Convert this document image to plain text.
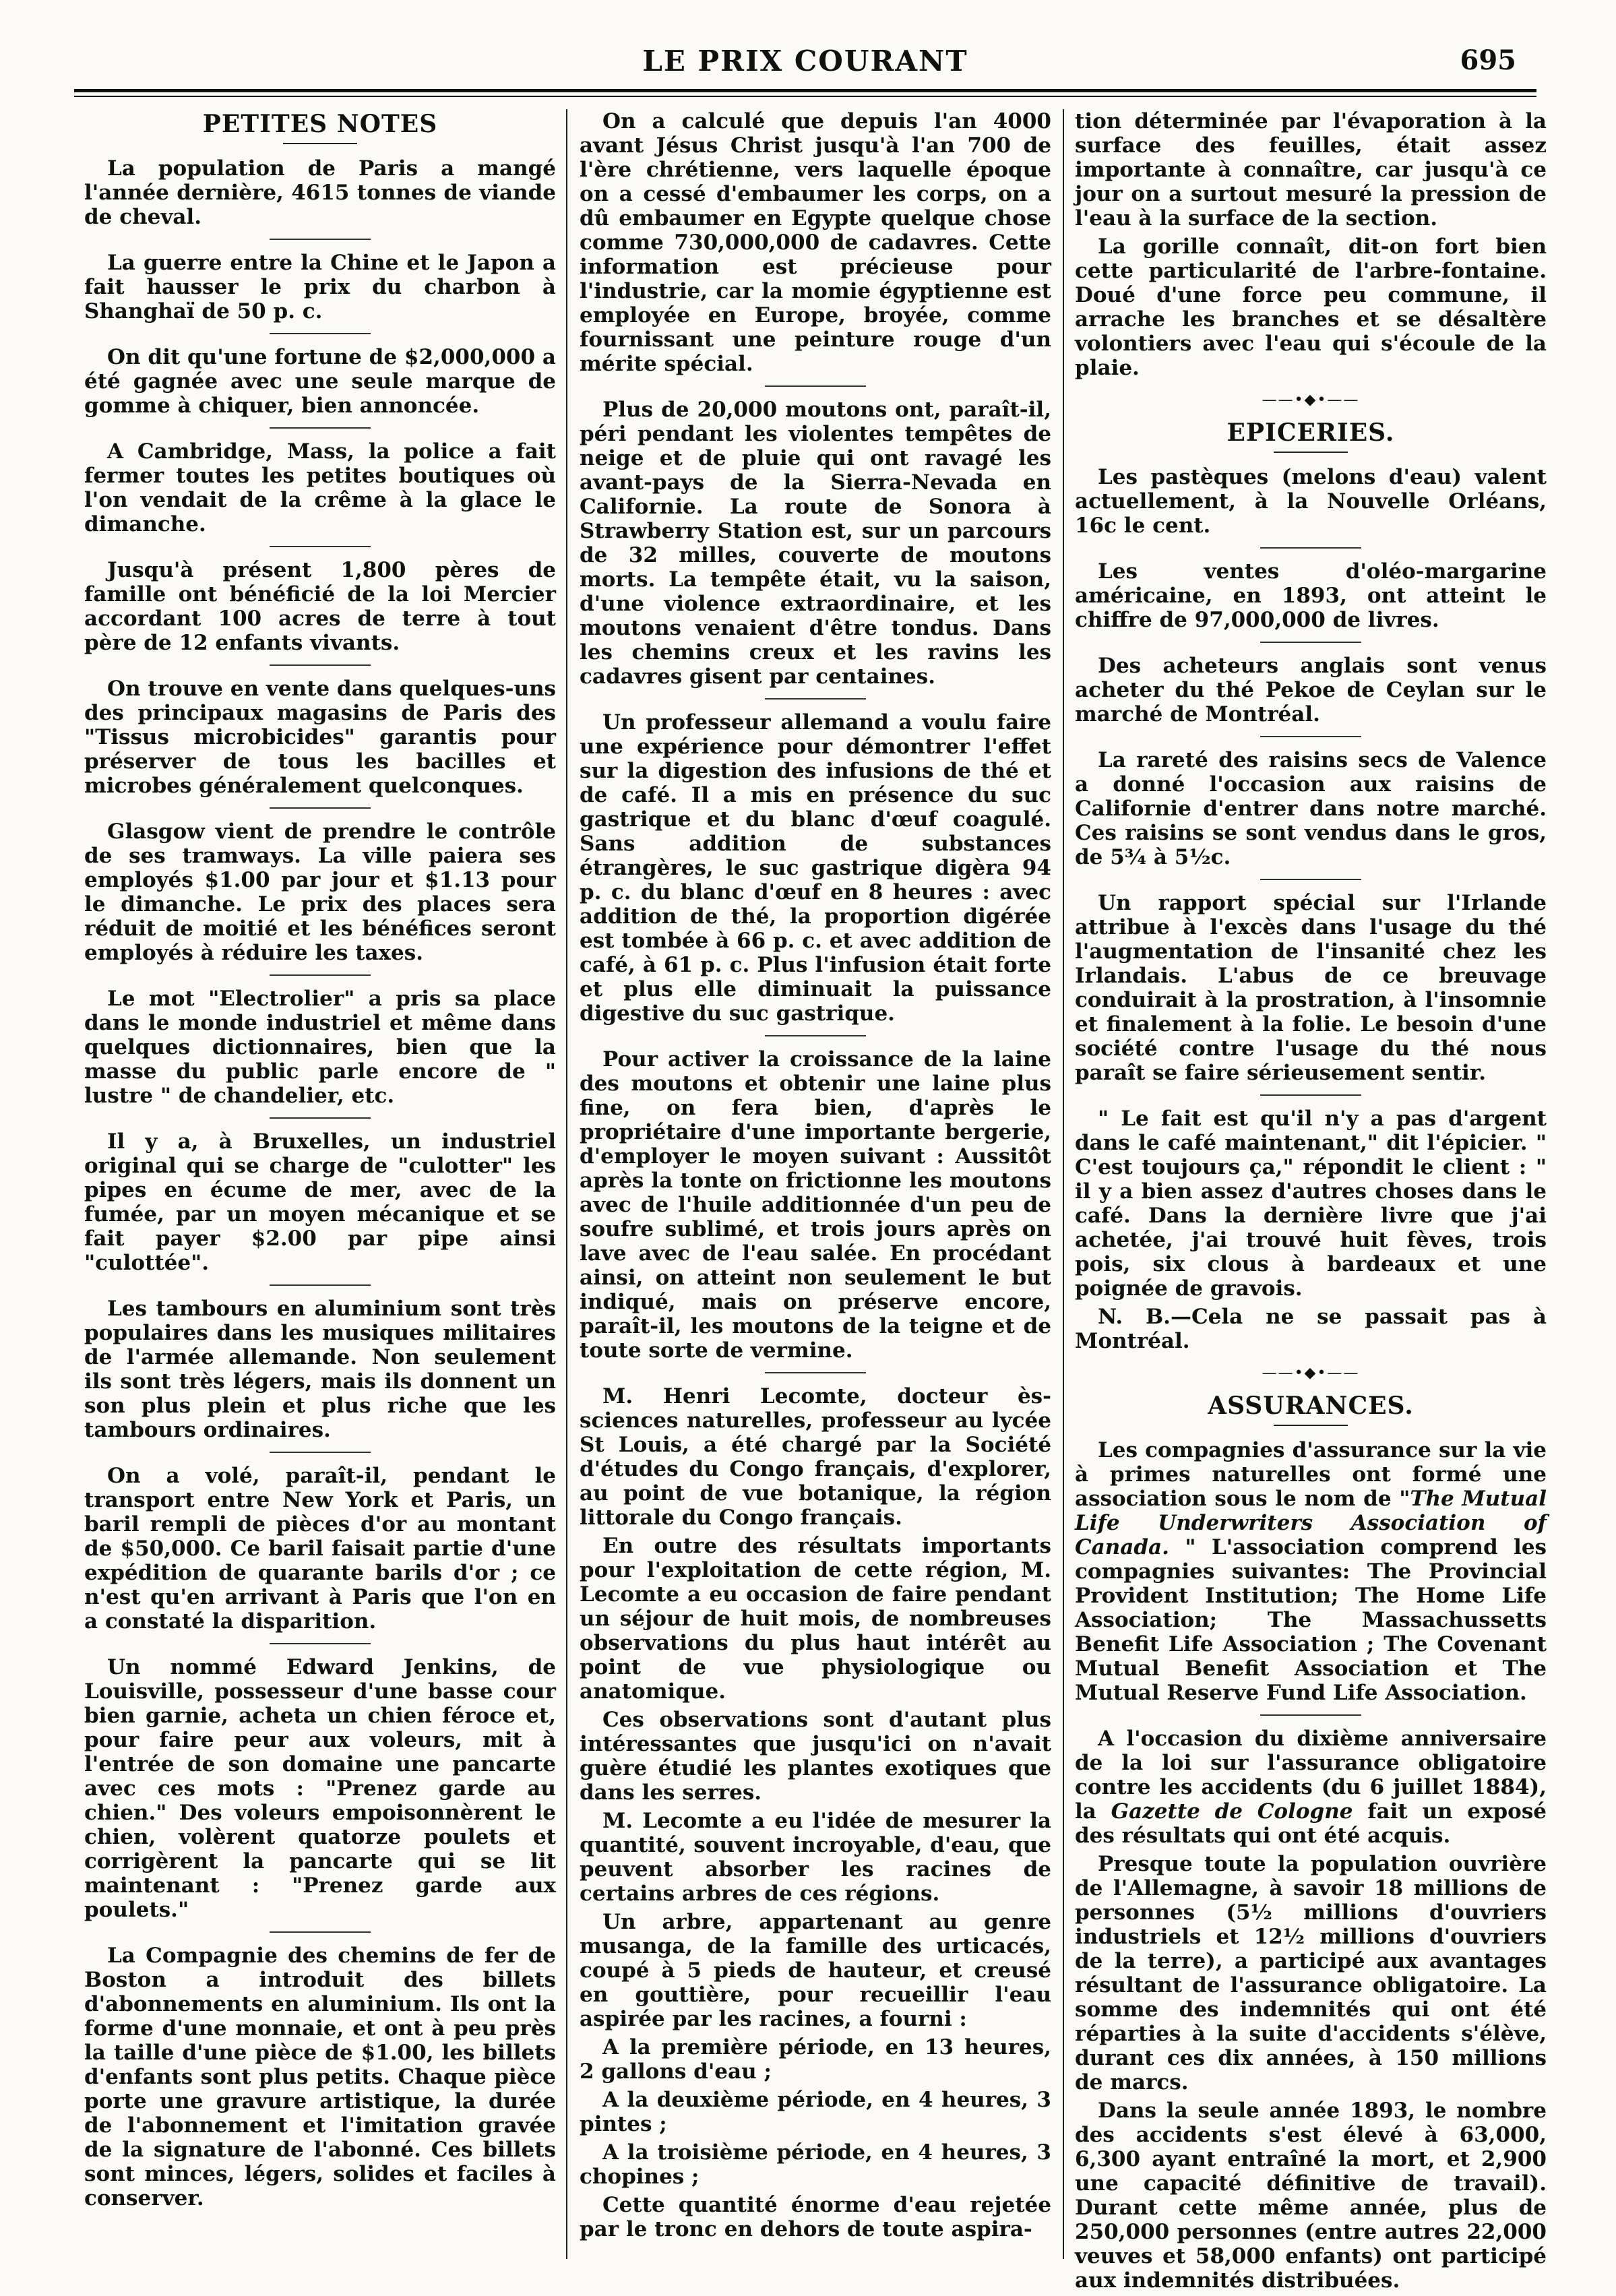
LE PRIX COURANT	695
PETITES NOTES

La population de Paris a mangé l'année dernière, 4615 tonnes de viande de cheval.

La guerre entre la Chine et le Japon a fait hausser le prix du charbon à Shanghaï de 50 p. c.

On dit qu'une fortune de $2,000,000 a été gagnée avec une seule marque de gomme à chiquer, bien annoncée.

A Cambridge, Mass, la police a fait fermer toutes les petites boutiques où l'on vendait de la crême à la glace le dimanche.

Jusqu'à présent 1,800 pères de famille ont bénéficié de la loi Mercier accordant 100 acres de terre à tout père de 12 enfants vivants.

On trouve en vente dans quelques-uns des principaux magasins de Paris des "Tissus microbicides" garantis pour préserver de tous les bacilles et microbes généralement quelconques.

Glasgow vient de prendre le contrôle de ses tramways. La ville paiera ses employés $1.00 par jour et $1.13 pour le dimanche. Le prix des places sera réduit de moitié et les bénéfices seront employés à réduire les taxes.

Le mot "Electrolier" a pris sa place dans le monde industriel et même dans quelques dictionnaires, bien que la masse du public parle encore de " lustre " de chandelier, etc.

Il y a, à Bruxelles, un industriel original qui se charge de "culotter" les pipes en écume de mer, avec de la fumée, par un moyen mécanique et se fait payer $2.00 par pipe ainsi "culottée".

Les tambours en aluminium sont très populaires dans les musiques militaires de l'armée allemande. Non seulement ils sont très légers, mais ils donnent un son plus plein et plus riche que les tambours ordinaires.

On a volé, paraît-il, pendant le transport entre New York et Paris, un baril rempli de pièces d'or au montant de $50,000. Ce baril faisait partie d'une expédition de quarante barils d'or ; ce n'est qu'en arrivant à Paris que l'on en a constaté la disparition.

Un nommé Edward Jenkins, de Louisville, possesseur d'une basse cour bien garnie, acheta un chien féroce et, pour faire peur aux voleurs, mit à l'entrée de son domaine une pancarte avec ces mots : "Prenez garde au chien." Des voleurs empoisonnèrent le chien, volèrent quatorze poulets et corrigèrent la pancarte qui se lit maintenant : "Prenez garde aux poulets."

La Compagnie des chemins de fer de Boston a introduit des billets d'abonnements en aluminium. Ils ont la forme d'une monnaie, et ont à peu près la taille d'une pièce de $1.00, les billets d'enfants sont plus petits. Chaque pièce porte une gravure artistique, la durée de l'abonnement et l'imitation gravée de la signature de l'abonné. Ces billets sont minces, légers, solides et faciles à conserver.

On a calculé que depuis l'an 4000 avant Jésus Christ jusqu'à l'an 700 de l'ère chrétienne, vers laquelle époque on a cessé d'embaumer les corps, on a dû embaumer en Egypte quelque chose comme 730,000,000 de cadavres. Cette information est précieuse pour l'industrie, car la momie égyptienne est employée en Europe, broyée, comme fournissant une peinture rouge d'un mérite spécial.

Plus de 20,000 moutons ont, paraît-il, péri pendant les violentes tempêtes de neige et de pluie qui ont ravagé les avant-pays de la Sierra-Nevada en Californie. La route de Sonora à Strawberry Station est, sur un parcours de 32 milles, couverte de moutons morts. La tempête était, vu la saison, d'une violence extraordinaire, et les moutons venaient d'être tondus. Dans les chemins creux et les ravins les cadavres gisent par centaines.

Un professeur allemand a voulu faire une expérience pour démontrer l'effet sur la digestion des infusions de thé et de café. Il a mis en présence du suc gastrique et du blanc d'œuf coagulé. Sans addition de substances étrangères, le suc gastrique digèra 94 p. c. du blanc d'œuf en 8 heures : avec addition de thé, la proportion digérée est tombée à 66 p. c. et avec addition de café, à 61 p. c. Plus l'infusion était forte et plus elle diminuait la puissance digestive du suc gastrique.

Pour activer la croissance de la laine des moutons et obtenir une laine plus fine, on fera bien, d'après le propriétaire d'une importante bergerie, d'employer le moyen suivant : Aussitôt après la tonte on frictionne les moutons avec de l'huile additionnée d'un peu de soufre sublimé, et trois jours après on lave avec de l'eau salée. En procédant ainsi, on atteint non seulement le but indiqué, mais on préserve encore, paraît-il, les moutons de la teigne et de toute sorte de vermine.

M. Henri Lecomte, docteur ès-sciences naturelles, professeur au lycée St Louis, a été chargé par la Société d'études du Congo français, d'explorer, au point de vue botanique, la région littorale du Congo français.

En outre des résultats importants pour l'exploitation de cette région, M. Lecomte a eu occasion de faire pendant un séjour de huit mois, de nombreuses observations du plus haut intérêt au point de vue physiologique ou anatomique.

Ces observations sont d'autant plus intéressantes que jusqu'ici on n'avait guère étudié les plantes exotiques que dans les serres.

M. Lecomte a eu l'idée de mesurer la quantité, souvent incroyable, d'eau, que peuvent absorber les racines de certains arbres de ces régions.

Un arbre, appartenant au genre musanga, de la famille des urticacés, coupé à 5 pieds de hauteur, et creusé en gouttière, pour recueillir l'eau aspirée par les racines, a fourni :

A la première période, en 13 heures, 2 gallons d'eau ;

A la deuxième période, en 4 heures, 3 pintes ;

A la troisième période, en 4 heures, 3 chopines ;

Cette quantité énorme d'eau rejetée par le tronc en dehors de toute aspira-

tion déterminée par l'évaporation à la surface des feuilles, était assez importante à connaître, car jusqu'à ce jour on a surtout mesuré la pression de l'eau à la surface de la section.

La gorille connaît, dit-on fort bien cette particularité de l'arbre-fontaine. Doué d'une force peu commune, il arrache les branches et se désaltère volontiers avec l'eau qui s'écoule de la plaie.

——•◆•——
EPICERIES.

Les pastèques (melons d'eau) valent actuellement, à la Nouvelle Orléans, 16c le cent.

Les ventes d'oléo-margarine américaine, en 1893, ont atteint le chiffre de 97,000,000 de livres.

Des acheteurs anglais sont venus acheter du thé Pekoe de Ceylan sur le marché de Montréal.

La rareté des raisins secs de Valence a donné l'occasion aux raisins de Californie d'entrer dans notre marché. Ces raisins se sont vendus dans le gros, de 5¾ à 5½c.

Un rapport spécial sur l'Irlande attribue à l'excès dans l'usage du thé l'augmentation de l'insanité chez les Irlandais. L'abus de ce breuvage conduirait à la prostration, à l'insomnie et finalement à la folie. Le besoin d'une société contre l'usage du thé nous paraît se faire sérieusement sentir.

" Le fait est qu'il n'y a pas d'argent dans le café maintenant," dit l'épicier. " C'est toujours ça," répondit le client : " il y a bien assez d'autres choses dans le café. Dans la dernière livre que j'ai achetée, j'ai trouvé huit fèves, trois pois, six clous à bardeaux et une poignée de gravois.

N. B.—Cela ne se passait pas à Montréal.

——•◆•——
ASSURANCES.

Les compagnies d'assurance sur la vie à primes naturelles ont formé une association sous le nom de "The Mutual Life Underwriters Association of Canada. " L'association comprend les compagnies suivantes: The Provincial Provident Institution; The Home Life Association; The Massachussetts Benefit Life Association ; The Covenant Mutual Benefit Association et The Mutual Reserve Fund Life Association.

A l'occasion du dixième anniversaire de la loi sur l'assurance obligatoire contre les accidents (du 6 juillet 1884), la Gazette de Cologne fait un exposé des résultats qui ont été acquis.

Presque toute la population ouvrière de l'Allemagne, à savoir 18 millions de personnes (5½ millions d'ouvriers industriels et 12½ millions d'ouvriers de la terre), a participé aux avantages résultant de l'assurance obligatoire. La somme des indemnités qui ont été réparties à la suite d'accidents s'élève, durant ces dix années, à 150 millions de marcs.

Dans la seule année 1893, le nombre des accidents s'est élevé à 63,000, 6,300 ayant entraîné la mort, et 2,900 une capacité définitive de travail). Durant cette même année, plus de 250,000 personnes (entre autres 22,000 veuves et 58,000 enfants) ont participé aux indemnités distribuées.
